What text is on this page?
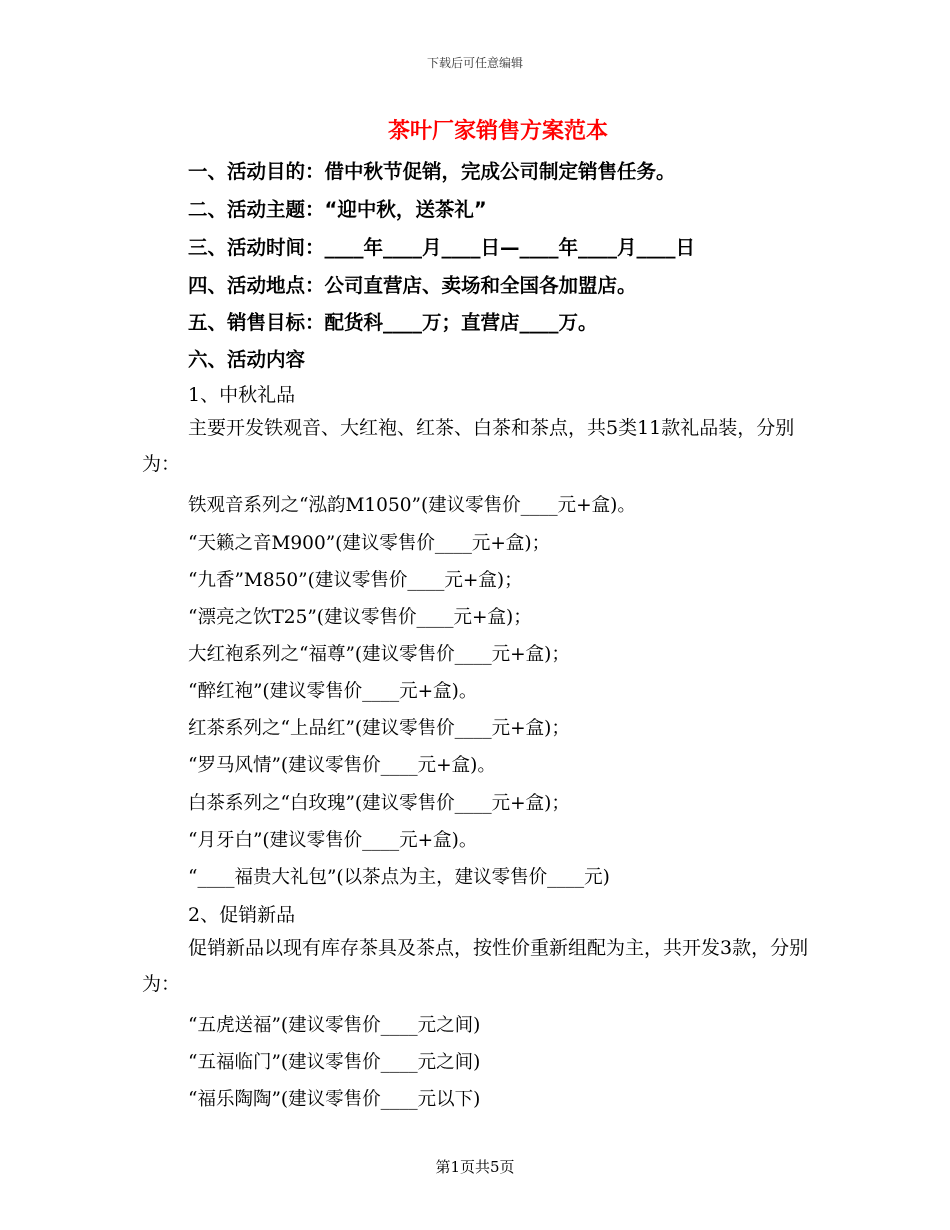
下载后可任意编辑
茶叶厂家销售方案范本
一、活动目的：借中秋节促销，完成公司制定销售任务。
二、活动主题：“迎中秋，送茶礼”
三、活动时间：____年____月____日—____年____月____日
四、活动地点：公司直营店、卖场和全国各加盟店。
五、销售目标：配货科____万；直营店____万。
六、活动内容
1、中秋礼品
主要开发铁观音、大红袍、红茶、白茶和茶点，共5类11款礼品装，分别为：
铁观音系列之“泓韵M1050”(建议零售价____元+盒)。
“天籁之音M900”(建议零售价____元+盒)；
“九香”M850”(建议零售价____元+盒)；
“漂亮之饮T25”(建议零售价____元+盒)；
大红袍系列之“福尊”(建议零售价____元+盒)；
“醉红袍”(建议零售价____元+盒)。
红茶系列之“上品红”(建议零售价____元+盒)；
“罗马风情”(建议零售价____元+盒)。
白茶系列之“白玫瑰”(建议零售价____元+盒)；
“月牙白”(建议零售价____元+盒)。
“____福贵大礼包”(以茶点为主，建议零售价____元)
2、促销新品
促销新品以现有库存茶具及茶点，按性价重新组配为主，共开发3款，分别为：
“五虎送福”(建议零售价____元之间)
“五福临门”(建议零售价____元之间)
“福乐陶陶”(建议零售价____元以下)
第1页共5页
